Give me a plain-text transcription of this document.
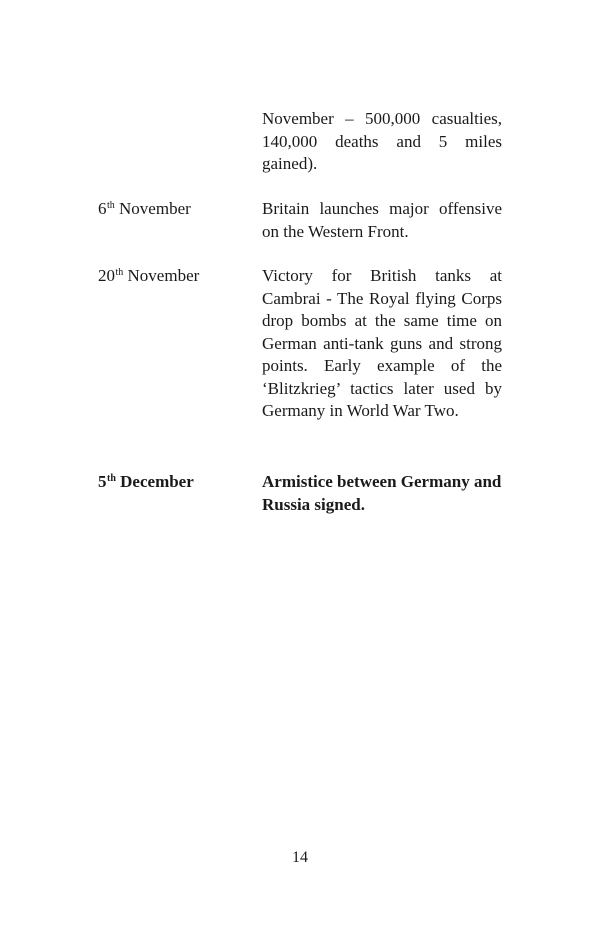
November – 500,000 casualties, 140,000 deaths and 5 miles gained).
6th November	Britain launches major offensive on the Western Front.
20th November	Victory for British tanks at Cambrai - The Royal flying Corps drop bombs at the same time on German anti-tank guns and strong points. Early example of the ‘Blitzkrieg’ tactics later used by Germany in World War Two.
5th December	Armistice between Germany and Russia signed.
14
